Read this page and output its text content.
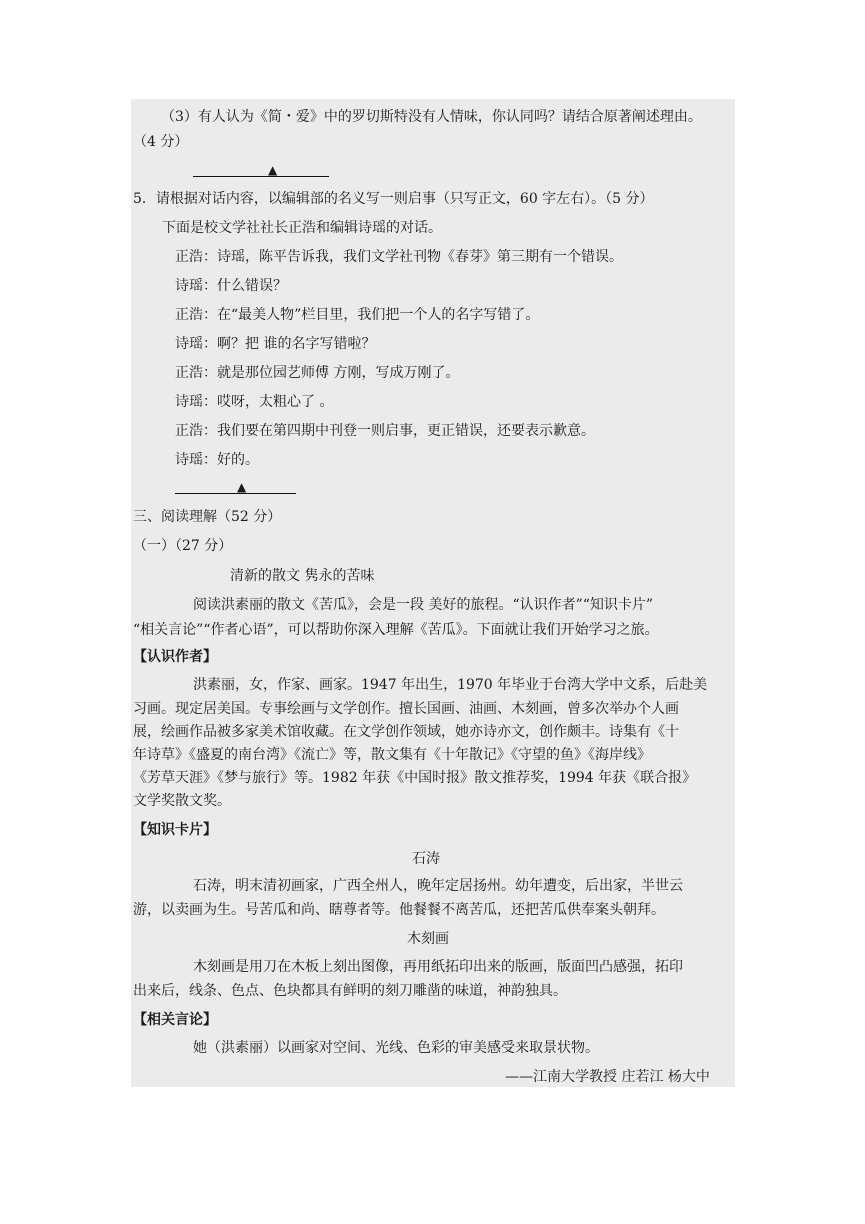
（3）有人认为《简・爱》中的罗切斯特没有人情味，你认同吗？请结合原著阐述理由。
（4 分）
▲
5．请根据对话内容，以编辑部的名义写一则启事（只写正文，60 字左右）。（5 分）
下面是校文学社社长正浩和编辑诗瑶的对话。
正浩：诗瑶，陈平告诉我，我们文学社刊物《春芽》第三期有一个错误。
诗瑶：什么错误？
正浩：在“最美人物”栏目里，我们把一个人的名字写错了。
诗瑶：啊？把 谁的名字写错啦？
正浩：就是那位园艺师傅 方刚，写成万刚了。
诗瑶：哎呀，太粗心了 。
正浩：我们要在第四期中刊登一则启事，更正错误，还要表示歉意。
诗瑶：好的。
▲
三、阅读理解（52 分）
（一）（27 分）
清新的散文 隽永的苦味
阅读洪素丽的散文《苦瓜》，会是一段 美好的旅程。“认识作者”“知识卡片”
“相关言论”“作者心语”，可以帮助你深入理解《苦瓜》。下面就让我们开始学习之旅。
【认识作者】
洪素丽，女，作家、画家。1947 年出生，1970 年毕业于台湾大学中文系，后赴美
习画。现定居美国。专事绘画与文学创作。擅长国画、油画、木刻画，曾多次举办个人画
展，绘画作品被多家美术馆收藏。在文学创作领域，她亦诗亦文，创作颇丰。诗集有《十
年诗草》《盛夏的南台湾》《流亡》等，散文集有《十年散记》《守望的鱼》《海岸线》
《芳草天涯》《梦与旅行》等。1982 年获《中国时报》散文推荐奖，1994 年获《联合报》
文学奖散文奖。
【知识卡片】
石涛
石涛，明末清初画家，广西全州人，晚年定居扬州。幼年遭变，后出家，半世云
游，以卖画为生。号苦瓜和尚、瞎尊者等。他餐餐不离苦瓜，还把苦瓜供奉案头朝拜。
木刻画
木刻画是用刀在木板上刻出图像，再用纸拓印出来的版画，版面凹凸感强，拓印
出来后，线条、色点、色块都具有鲜明的刻刀雕凿的味道，神韵独具。
【相关言论】
她（洪素丽）以画家对空间、光线、色彩的审美感受来取景状物。
——江南大学教授 庄若江 杨大中
